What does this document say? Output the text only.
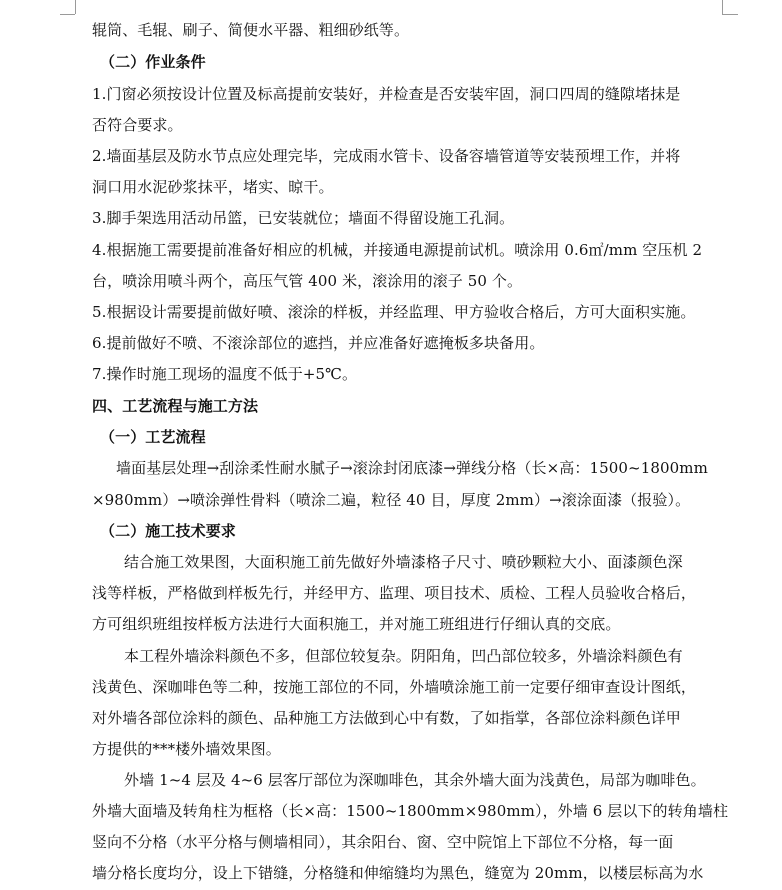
辊筒、毛辊、刷子、简便水平器、粗细砂纸等。
（二）作业条件
1.门窗必须按设计位置及标高提前安装好，并检查是否安装牢固，洞口四周的缝隙堵抹是
否符合要求。
2.墙面基层及防水节点应处理完毕，完成雨水管卡、设备容墙管道等安装预埋工作，并将
洞口用水泥砂浆抹平，堵实、晾干。
3.脚手架选用活动吊篮，已安装就位；墙面不得留设施工孔洞。
4.根据施工需要提前准备好相应的机械，并接通电源提前试机。喷涂用 0.6㎡/mm 空压机 2
台，喷涂用喷斗两个，高压气管 400 米，滚涂用的滚子 50 个。
5.根据设计需要提前做好喷、滚涂的样板，并经监理、甲方验收合格后，方可大面积实施。
6.提前做好不喷、不滚涂部位的遮挡，并应准备好遮掩板多块备用。
7.操作时施工现场的温度不低于+5℃。
四、工艺流程与施工方法
（一）工艺流程
墙面基层处理→刮涂柔性耐水腻子→滚涂封闭底漆→弹线分格（长×高：1500~1800mm
×980mm）→喷涂弹性骨料（喷涂二遍，粒径 40 目，厚度 2mm）→滚涂面漆（报验）。
（二）施工技术要求
结合施工效果图，大面积施工前先做好外墙漆格子尺寸、喷砂颗粒大小、面漆颜色深
浅等样板，严格做到样板先行，并经甲方、监理、项目技术、质检、工程人员验收合格后，
方可组织班组按样板方法进行大面积施工，并对施工班组进行仔细认真的交底。
本工程外墙涂料颜色不多，但部位较复杂。阴阳角，凹凸部位较多，外墙涂料颜色有
浅黄色、深咖啡色等二种，按施工部位的不同，外墙喷涂施工前一定要仔细审查设计图纸，
对外墙各部位涂料的颜色、品种施工方法做到心中有数，了如指掌，各部位涂料颜色详甲
方提供的***楼外墙效果图。
外墙 1~4 层及 4~6 层客厅部位为深咖啡色，其余外墙大面为浅黄色，局部为咖啡色。
外墙大面墙及转角柱为框格（长×高：1500~1800mm×980mm），外墙 6 层以下的转角墙柱
竖向不分格（水平分格与侧墙相同），其余阳台、窗、空中院馆上下部位不分格，每一面
墙分格长度均分，设上下错缝，分格缝和伸缩缝均为黑色，缝宽为 20mm，以楼层标高为水
